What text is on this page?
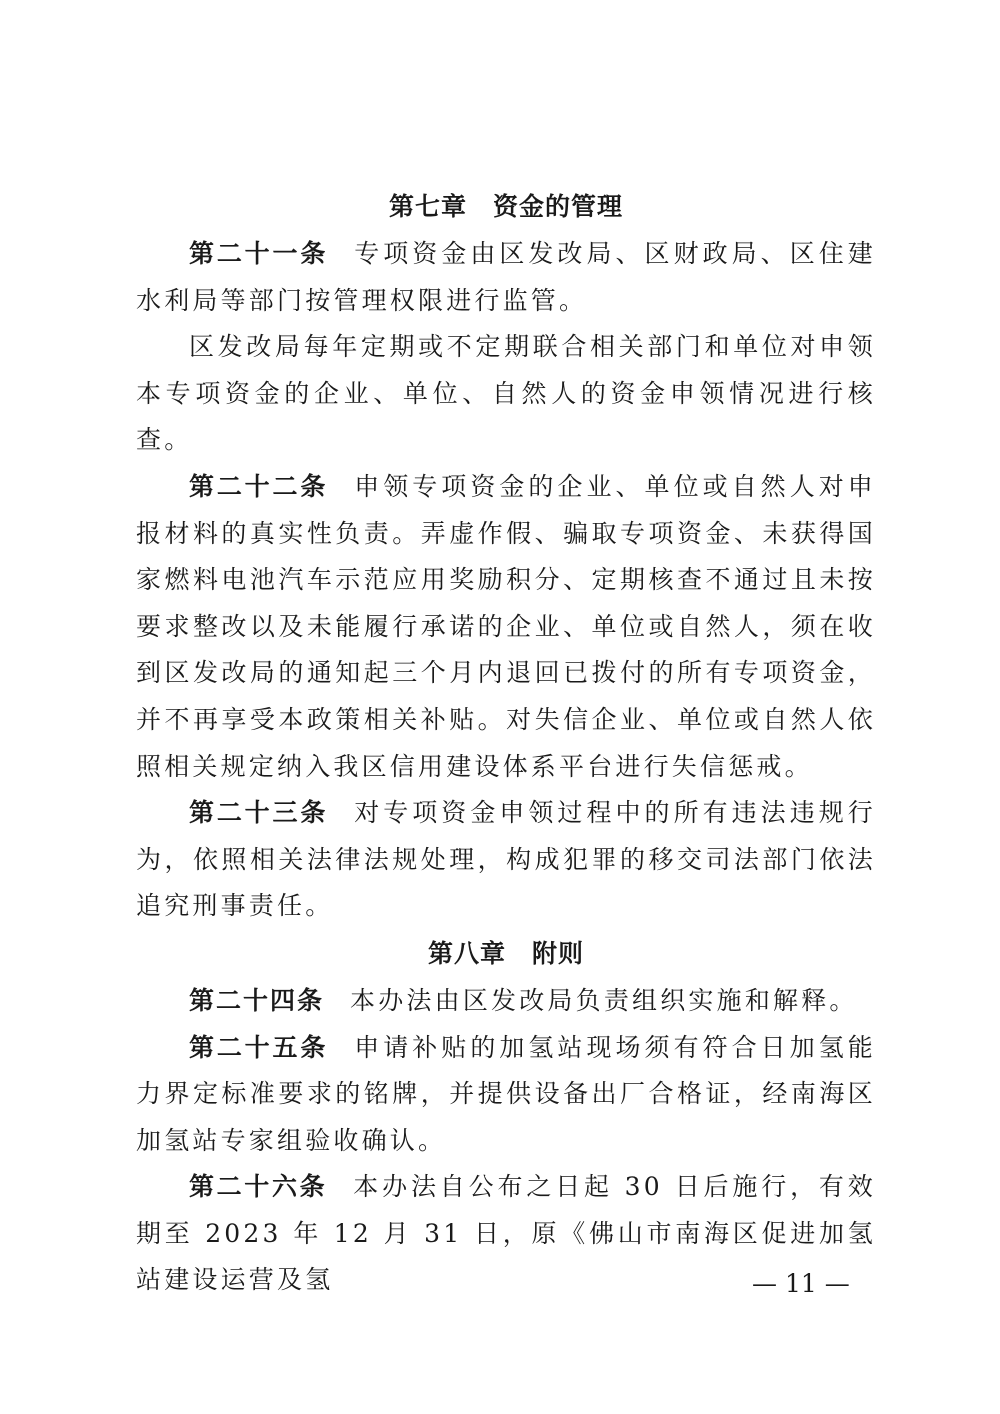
第七章　资金的管理

第二十一条 专项资金由区发改局、区财政局、区住建水利局等部门按管理权限进行监管。

区发改局每年定期或不定期联合相关部门和单位对申领本专项资金的企业、单位、自然人的资金申领情况进行核查。

第二十二条 申领专项资金的企业、单位或自然人对申报材料的真实性负责。弄虚作假、骗取专项资金、未获得国家燃料电池汽车示范应用奖励积分、定期核查不通过且未按要求整改以及未能履行承诺的企业、单位或自然人，须在收到区发改局的通知起三个月内退回已拨付的所有专项资金，并不再享受本政策相关补贴。对失信企业、单位或自然人依照相关规定纳入我区信用建设体系平台进行失信惩戒。

第二十三条 对专项资金申领过程中的所有违法违规行为，依照相关法律法规处理，构成犯罪的移交司法部门依法追究刑事责任。

第八章　附则

第二十四条 本办法由区发改局负责组织实施和解释。

第二十五条 申请补贴的加氢站现场须有符合日加氢能力界定标准要求的铭牌，并提供设备出厂合格证，经南海区加氢站专家组验收确认。

第二十六条 本办法自公布之日起 30 日后施行，有效期至 2023 年 12 月 31 日，原《佛山市南海区促进加氢站建设运营及氢	— 11 —
